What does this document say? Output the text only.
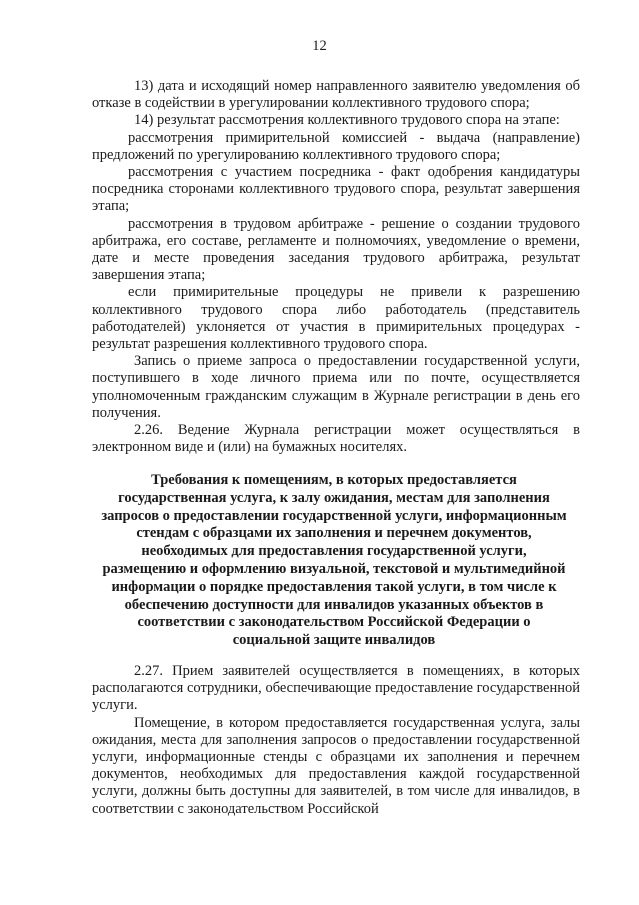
12

13) дата и исходящий номер направленного заявителю уведомления об отказе в содействии в урегулировании коллективного трудового спора;

14) результат рассмотрения коллективного трудового спора на этапе:

рассмотрения примирительной комиссией - выдача (направление) предложений по урегулированию коллективного трудового спора;

рассмотрения с участием посредника - факт одобрения кандидатуры посредника сторонами коллективного трудового спора, результат завершения этапа;

рассмотрения в трудовом арбитраже - решение о создании трудового арбитража, его составе, регламенте и полномочиях, уведомление о времени, дате и месте проведения заседания трудового арбитража, результат завершения этапа;

если примирительные процедуры не привели к разрешению коллективного трудового спора либо работодатель (представитель работодателей) уклоняется от участия в примирительных процедурах - результат разрешения коллективного трудового спора.

Запись о приеме запроса о предоставлении государственной услуги, поступившего в ходе личного приема или по почте, осуществляется уполномоченным гражданским служащим в Журнале регистрации в день его получения.

2.26. Ведение Журнала регистрации может осуществляться в электронном виде и (или) на бумажных носителях.

Требования к помещениям, в которых предоставляется государственная услуга, к залу ожидания, местам для заполнения запросов о предоставлении государственной услуги, информационным стендам с образцами их заполнения и перечнем документов, необходимых для предоставления государственной услуги, размещению и оформлению визуальной, текстовой и мультимедийной информации о порядке предоставления такой услуги, в том числе к обеспечению доступности для инвалидов указанных объектов в соответствии с законодательством Российской Федерации о социальной защите инвалидов

2.27. Прием заявителей осуществляется в помещениях, в которых располагаются сотрудники, обеспечивающие предоставление государственной услуги.

Помещение, в котором предоставляется государственная услуга, залы ожидания, места для заполнения запросов о предоставлении государственной услуги, информационные стенды с образцами их заполнения и перечнем документов, необходимых для предоставления каждой государственной услуги, должны быть доступны для заявителей, в том числе для инвалидов, в соответствии с законодательством Российской
